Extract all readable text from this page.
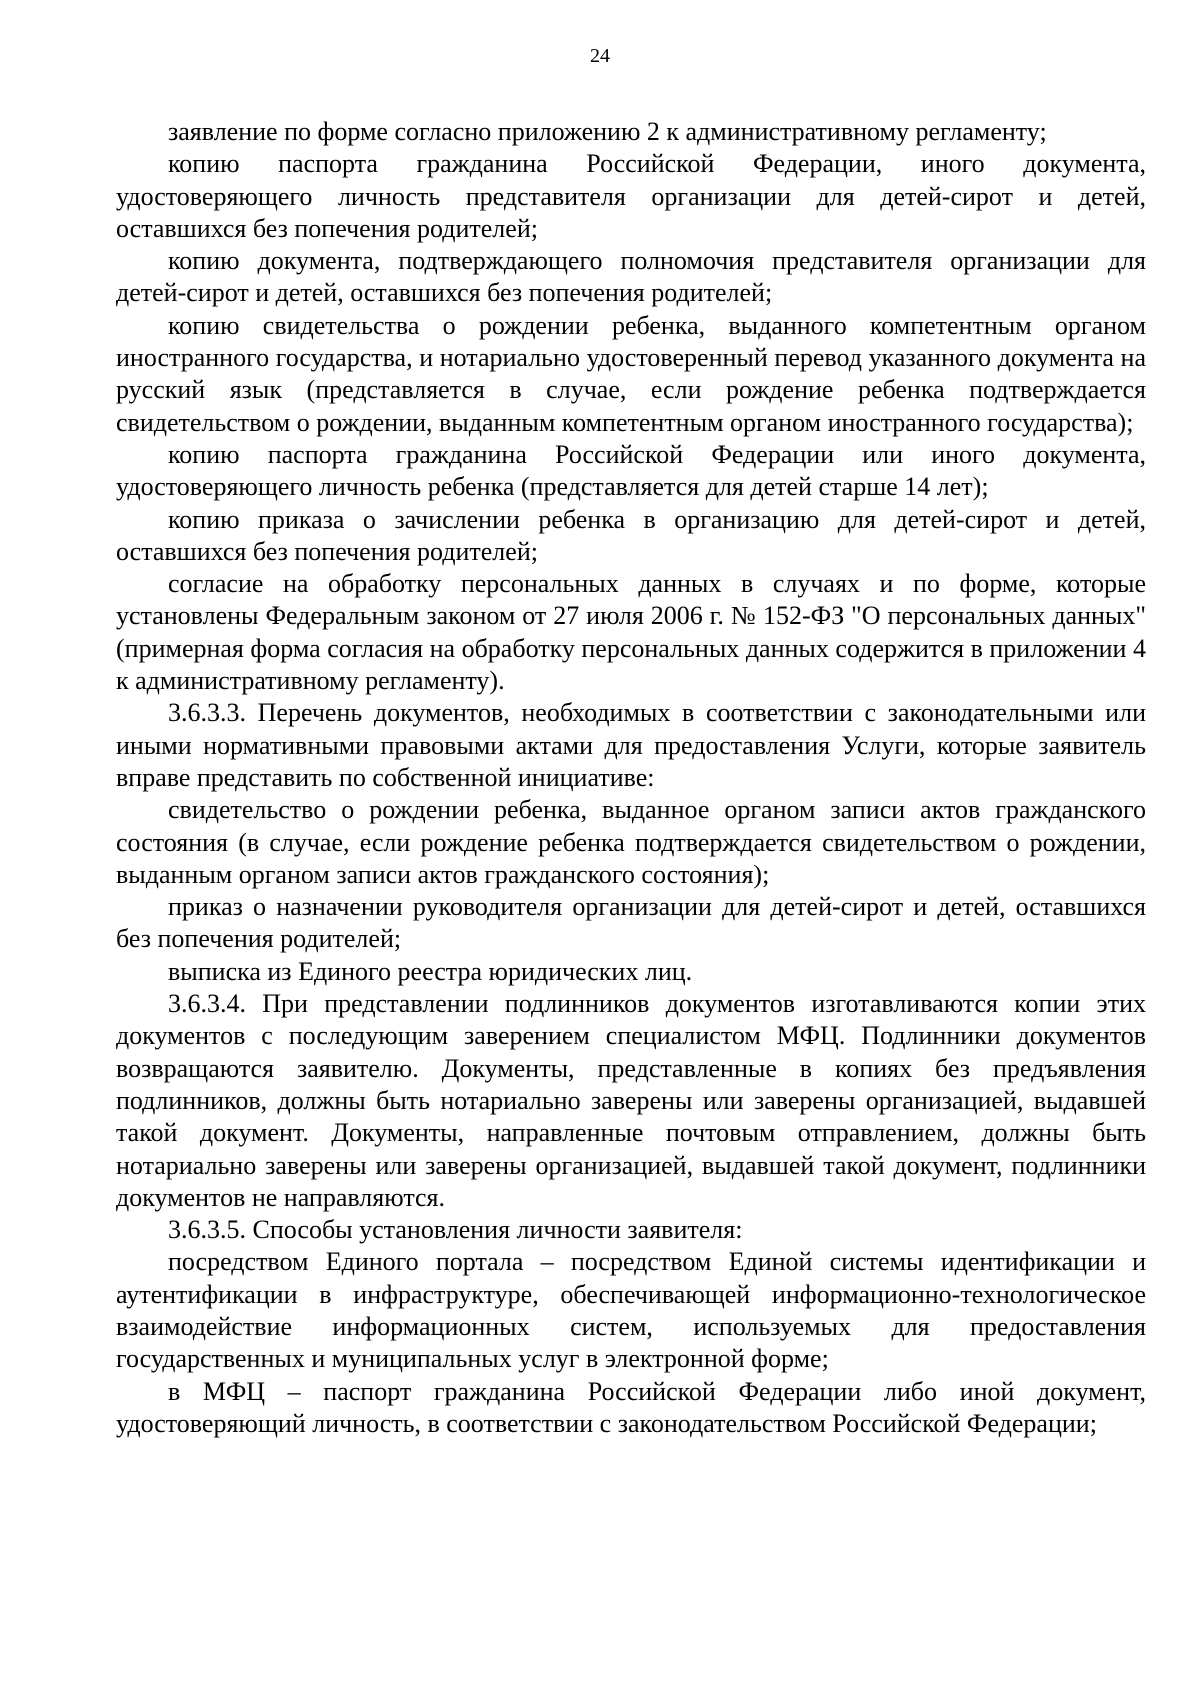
24

заявление по форме согласно приложению 2 к административному регламенту;

копию паспорта гражданина Российской Федерации, иного документа, удостоверяющего личность представителя организации для детей-сирот и детей, оставшихся без попечения родителей;

копию документа, подтверждающего полномочия представителя организации для детей-сирот и детей, оставшихся без попечения родителей;

копию свидетельства о рождении ребенка, выданного компетентным органом иностранного государства, и нотариально удостоверенный перевод указанного документа на русский язык (представляется в случае, если рождение ребенка подтверждается свидетельством о рождении, выданным компетентным органом иностранного государства);

копию паспорта гражданина Российской Федерации или иного документа, удостоверяющего личность ребенка (представляется для детей старше 14 лет);

копию приказа о зачислении ребенка в организацию для детей-сирот и детей, оставшихся без попечения родителей;

согласие на обработку персональных данных в случаях и по форме, которые установлены Федеральным законом от 27 июля 2006 г. № 152-ФЗ "О персональных данных" (примерная форма согласия на обработку персональных данных содержится в приложении 4 к административному регламенту).

3.6.3.3. Перечень документов, необходимых в соответствии с законодательными или иными нормативными правовыми актами для предоставления Услуги, которые заявитель вправе представить по собственной инициативе:

свидетельство о рождении ребенка, выданное органом записи актов гражданского состояния (в случае, если рождение ребенка подтверждается свидетельством о рождении, выданным органом записи актов гражданского состояния);

приказ о назначении руководителя организации для детей-сирот и детей, оставшихся без попечения родителей;

выписка из Единого реестра юридических лиц.

3.6.3.4. При представлении подлинников документов изготавливаются копии этих документов с последующим заверением специалистом МФЦ. Подлинники документов возвращаются заявителю. Документы, представленные в копиях без предъявления подлинников, должны быть нотариально заверены или заверены организацией, выдавшей такой документ. Документы, направленные почтовым отправлением, должны быть нотариально заверены или заверены организацией, выдавшей такой документ, подлинники документов не направляются.

3.6.3.5. Способы установления личности заявителя:

посредством Единого портала – посредством Единой системы идентификации и аутентификации в инфраструктуре, обеспечивающей информационно-технологическое взаимодействие информационных систем, используемых для предоставления государственных и муниципальных услуг в электронной форме;

в МФЦ – паспорт гражданина Российской Федерации либо иной документ, удостоверяющий личность, в соответствии с законодательством Российской Федерации;
